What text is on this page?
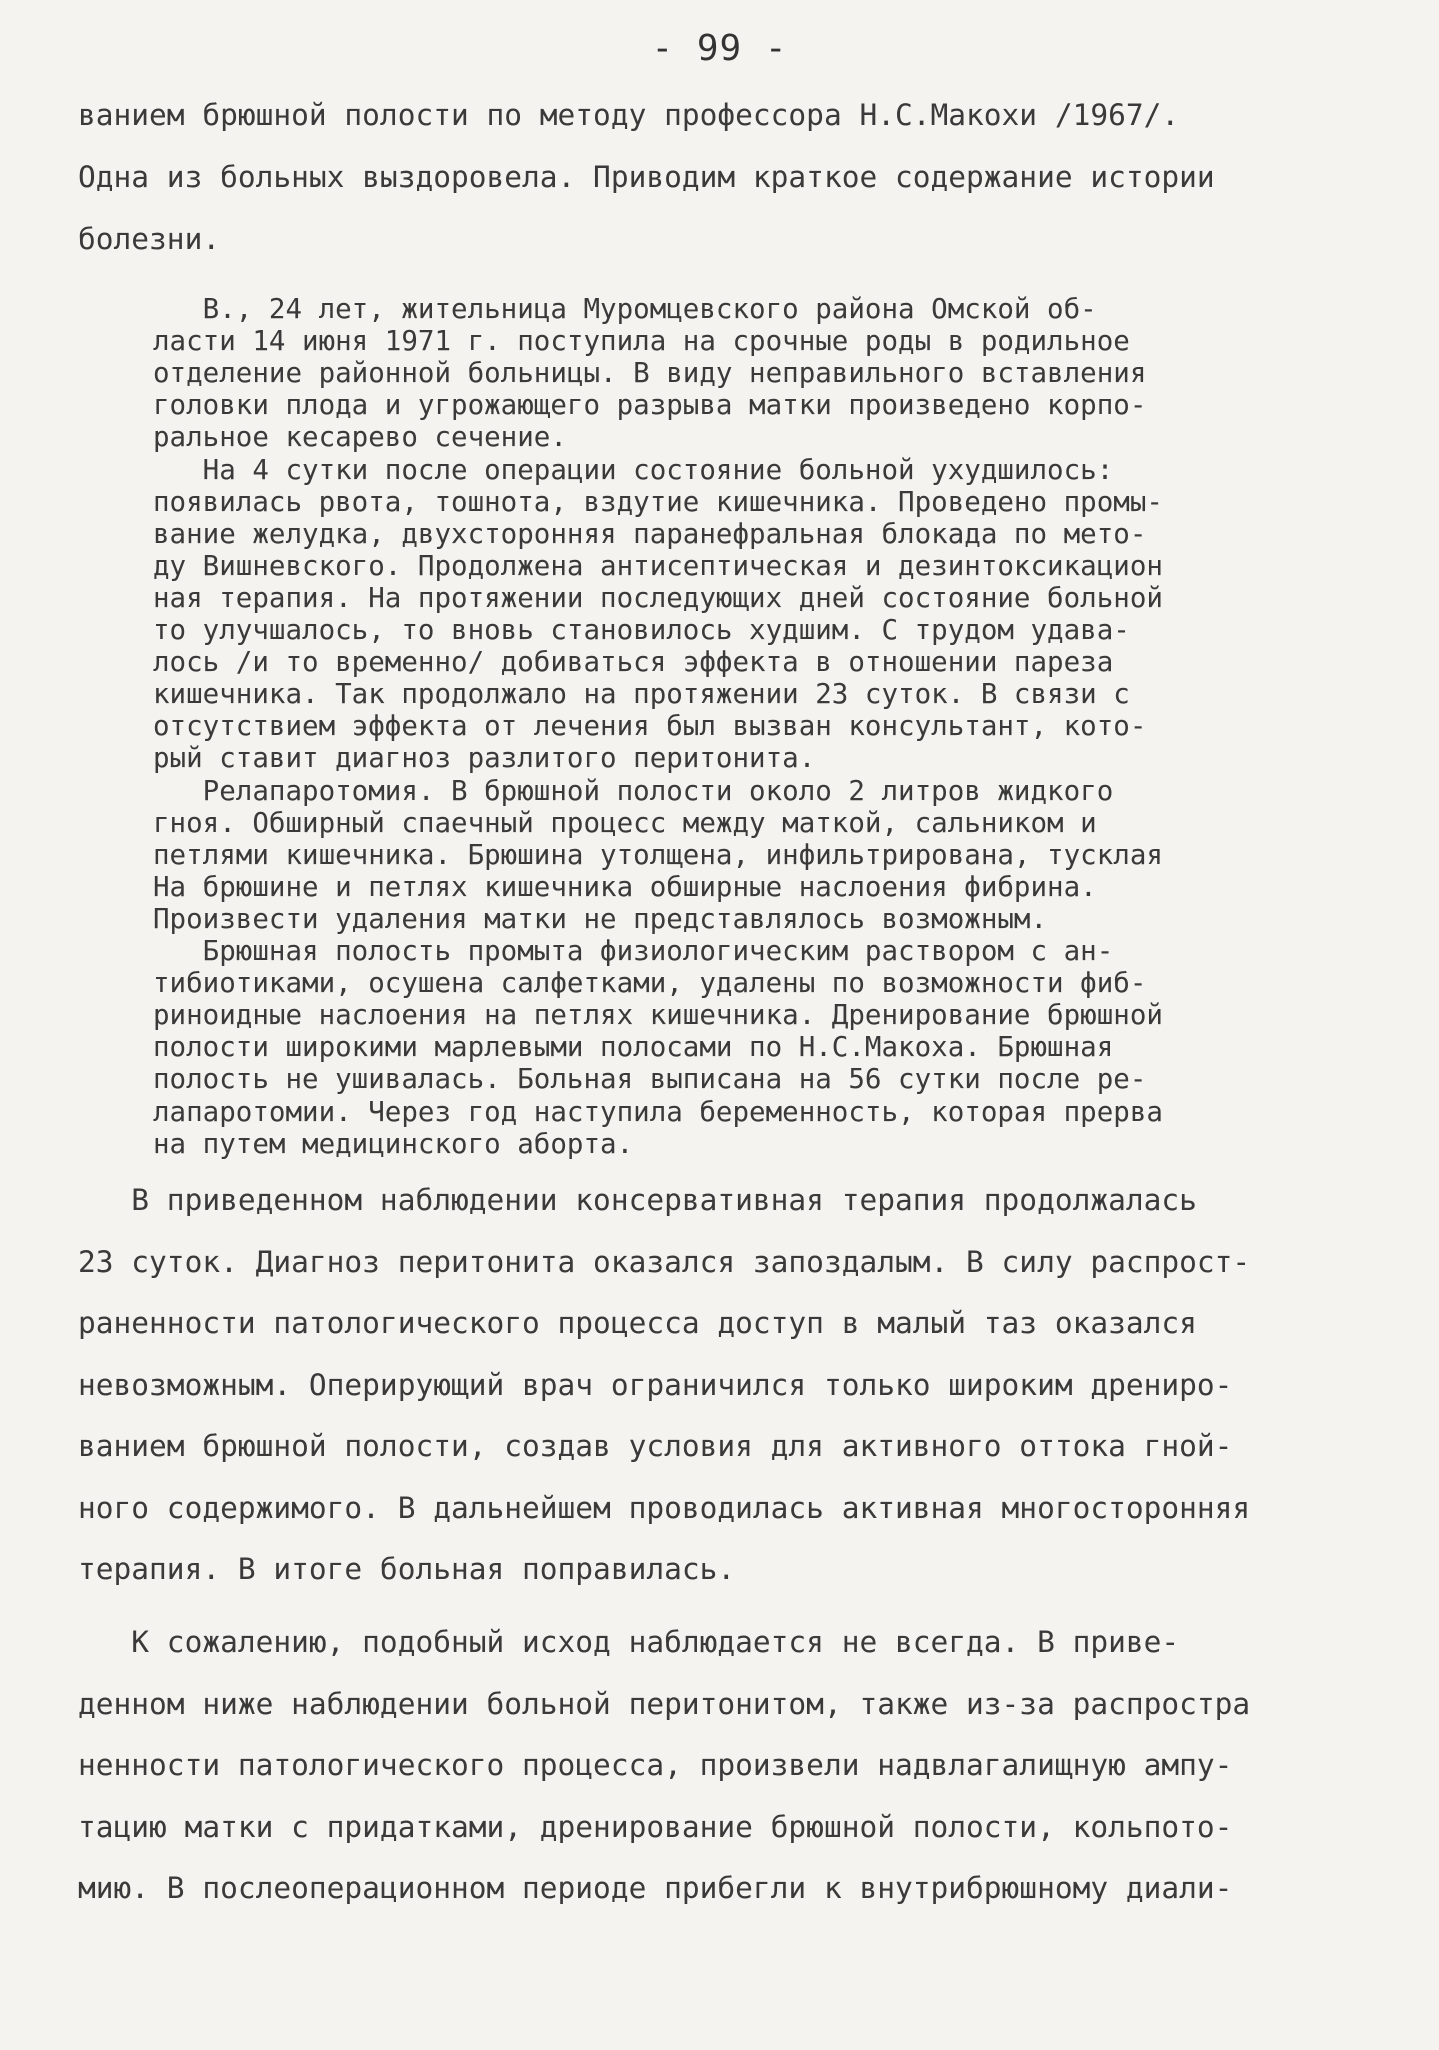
- 99 -
ванием брюшной полости по методу профессора Н.С.Макохи /1967/.
Одна из больных выздоровела. Приводим краткое содержание истории
болезни.
В., 24 лет, жительница Муромцевского района Омской об-
ласти 14 июня 1971 г. поступила на срочные роды в родильное
отделение районной больницы. В виду неправильного вставления
головки плода и угрожающего разрыва матки произведено корпо-
ральное кесарево сечение.
На 4 сутки после операции состояние больной ухудшилось:
появилась рвота, тошнота, вздутие кишечника. Проведено промы-
вание желудка, двухсторонняя паранефральная блокада по мето-
ду Вишневского. Продолжена антисептическая и дезинтоксикацион
ная терапия. На протяжении последующих дней состояние больной
то улучшалось, то вновь становилось худшим. С трудом удава-
лось /и то временно/ добиваться эффекта в отношении пареза
кишечника. Так продолжало на протяжении 23 суток. В связи с
отсутствием эффекта от лечения был вызван консультант, кото-
рый ставит диагноз разлитого перитонита.
Релапаротомия. В брюшной полости около 2 литров жидкого
гноя. Обширный спаечный процесс между маткой, сальником и
петлями кишечника. Брюшина утолщена, инфильтрирована, тусклая
На брюшине и петлях кишечника обширные наслоения фибрина.
Произвести удаления матки не представлялось возможным.
Брюшная полость промыта физиологическим раствором с ан-
тибиотиками, осушена салфетками, удалены по возможности фиб-
риноидные наслоения на петлях кишечника. Дренирование брюшной
полости широкими марлевыми полосами по Н.С.Макоха. Брюшная
полость не ушивалась. Больная выписана на 56 сутки после ре-
лапаротомии. Через год наступила беременность, которая прерва
на путем медицинского аборта.
В приведенном наблюдении консервативная терапия продолжалась
23 суток. Диагноз перитонита оказался запоздалым. В силу распрост-
раненности патологического процесса доступ в малый таз оказался
невозможным. Оперирующий врач ограничился только широким дрениро-
ванием брюшной полости, создав условия для активного оттока гной-
ного содержимого. В дальнейшем проводилась активная многосторонняя
терапия. В итоге больная поправилась.
К сожалению, подобный исход наблюдается не всегда. В приве-
денном ниже наблюдении больной перитонитом, также из-за распростра
ненности патологического процесса, произвели надвлагалищную ампу-
тацию матки с придатками, дренирование брюшной полости, кольпото-
мию. В послеоперационном периоде прибегли к внутрибрюшному диали-
